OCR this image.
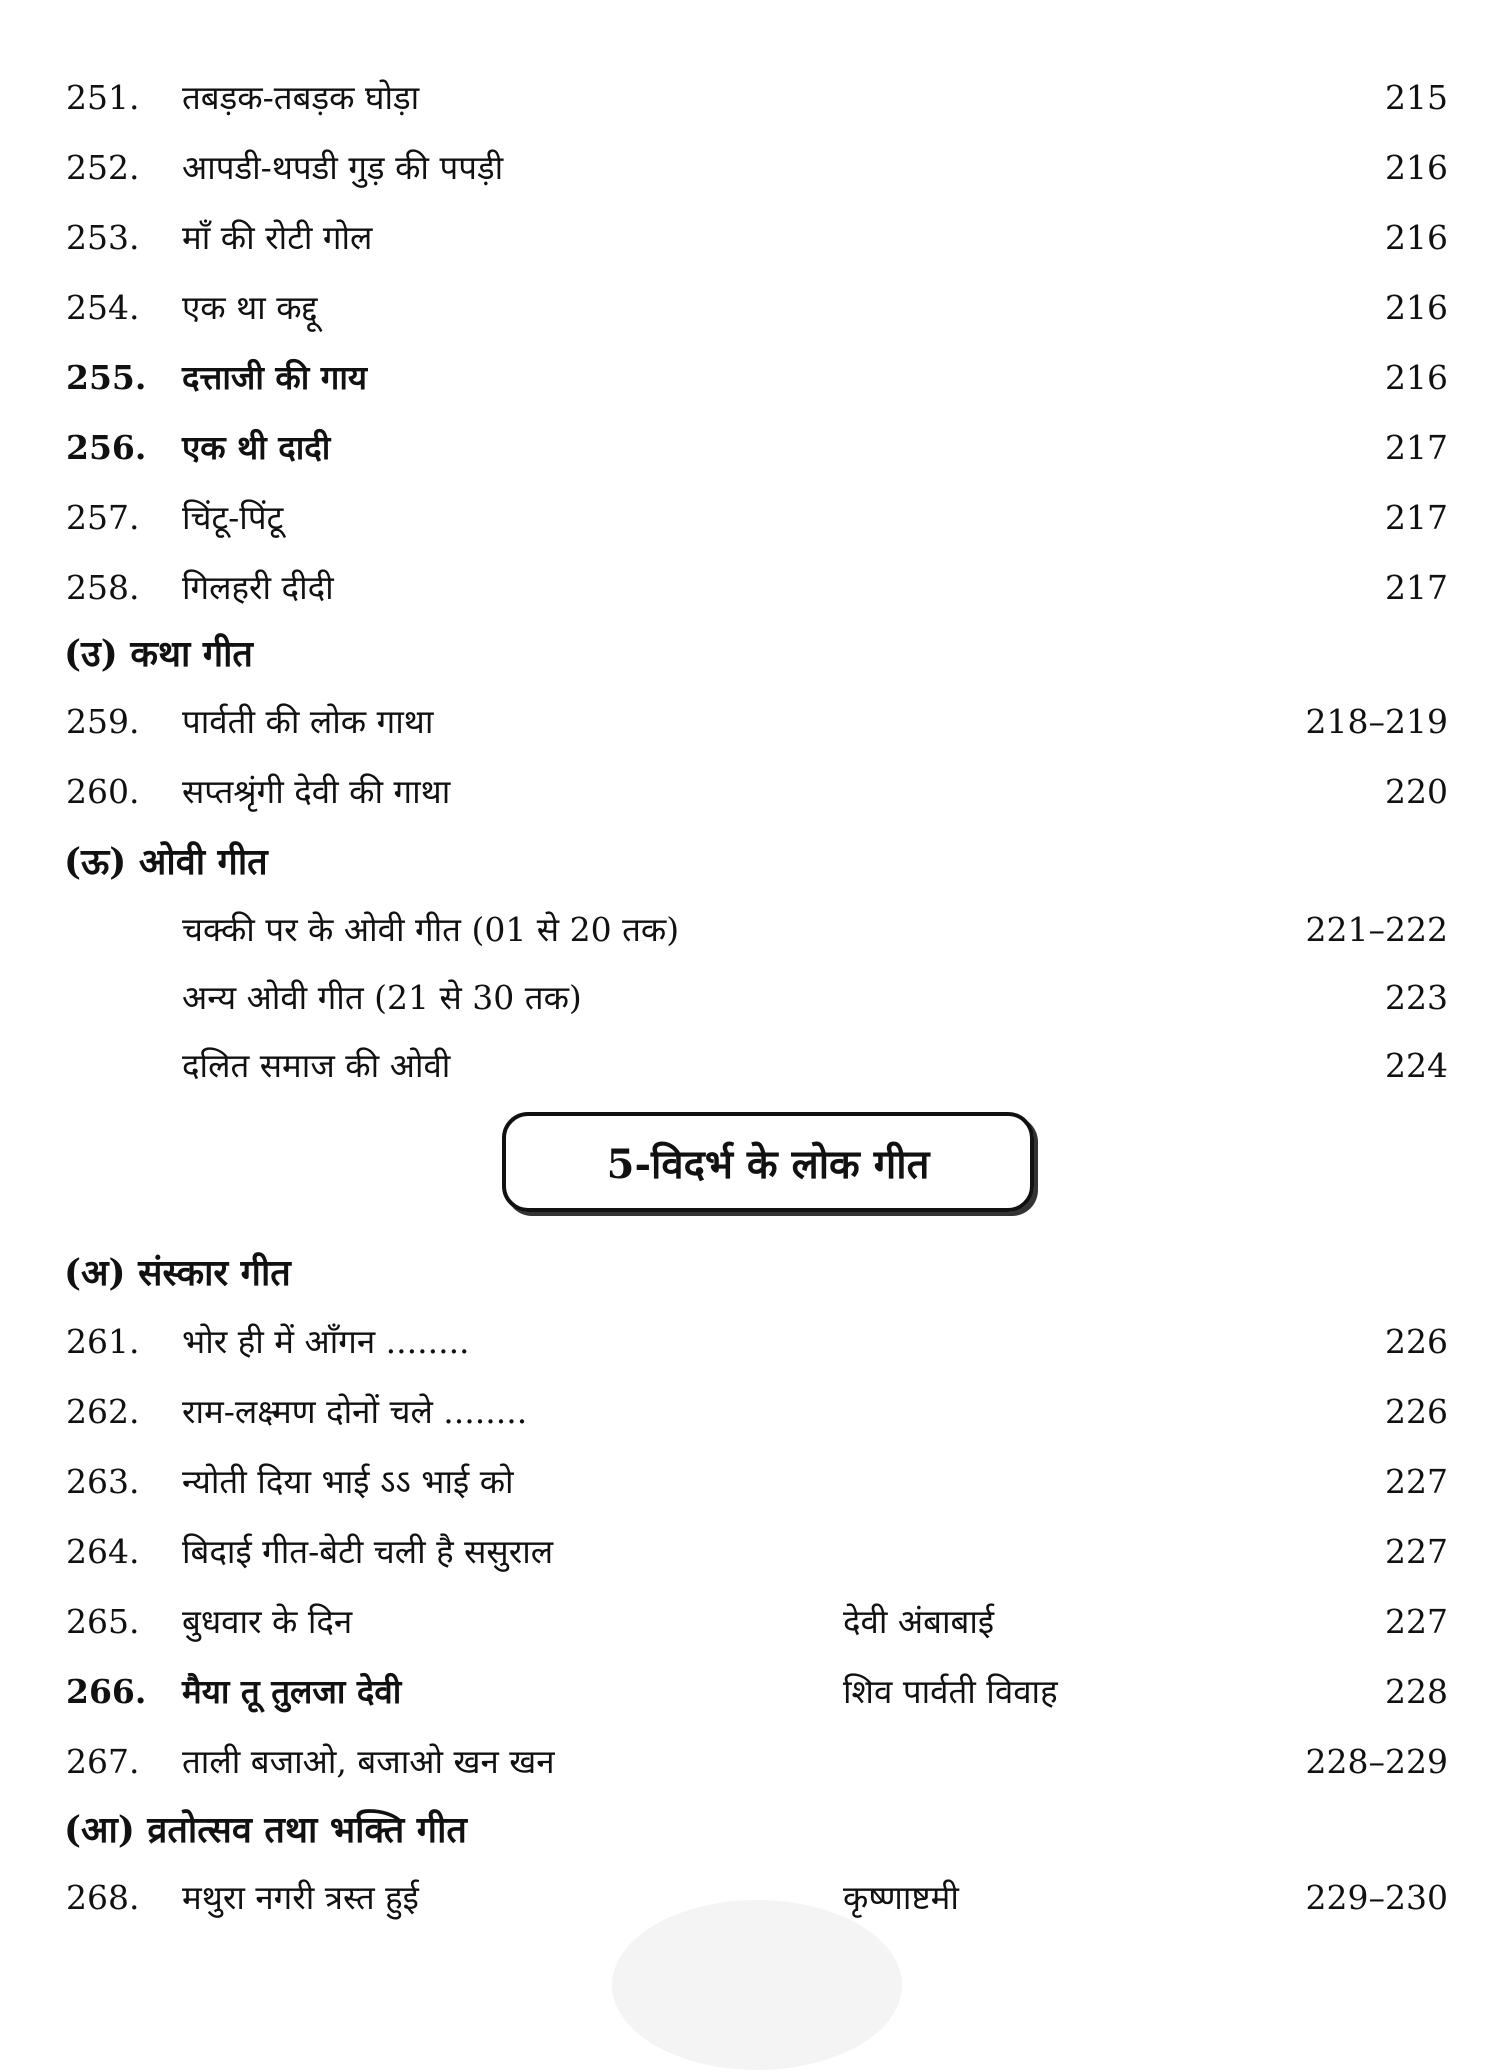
251. तबड़क-तबड़क घोड़ा	215
252. आपडी-थपडी गुड़ की पपड़ी	216
253. माँ की रोटी गोल	216
254. एक था कद्दू	216
255. दत्ताजी की गाय	216
256. एक थी दादी	217
257. चिंटू-पिंटू	217
258. गिलहरी दीदी	217
(उ) कथा गीत
259. पार्वती की लोक गाथा	218–219
260. सप्तश्रृंगी देवी की गाथा	220
(ऊ) ओवी गीत
चक्की पर के ओवी गीत (01 से 20 तक)	221–222
अन्य ओवी गीत (21 से 30 तक)	223
दलित समाज की ओवी	224
5-विदर्भ के लोक गीत
(अ) संस्कार गीत
261. भोर ही में आँगन ........	226
262. राम-लक्ष्मण दोनों चले ........	226
263. न्योती दिया भाई ऽऽ भाई को	227
264. बिदाई गीत-बेटी चली है ससुराल	227
265. बुधवार के दिन	देवी अंबाबाई	227
266. मैया तू तुलजा देवी	शिव पार्वती विवाह	228
267. ताली बजाओ, बजाओ खन खन	228–229
(आ) व्रतोत्सव तथा भक्ति गीत
268. मथुरा नगरी त्रस्त हुई	कृष्णाष्टमी	229–230
